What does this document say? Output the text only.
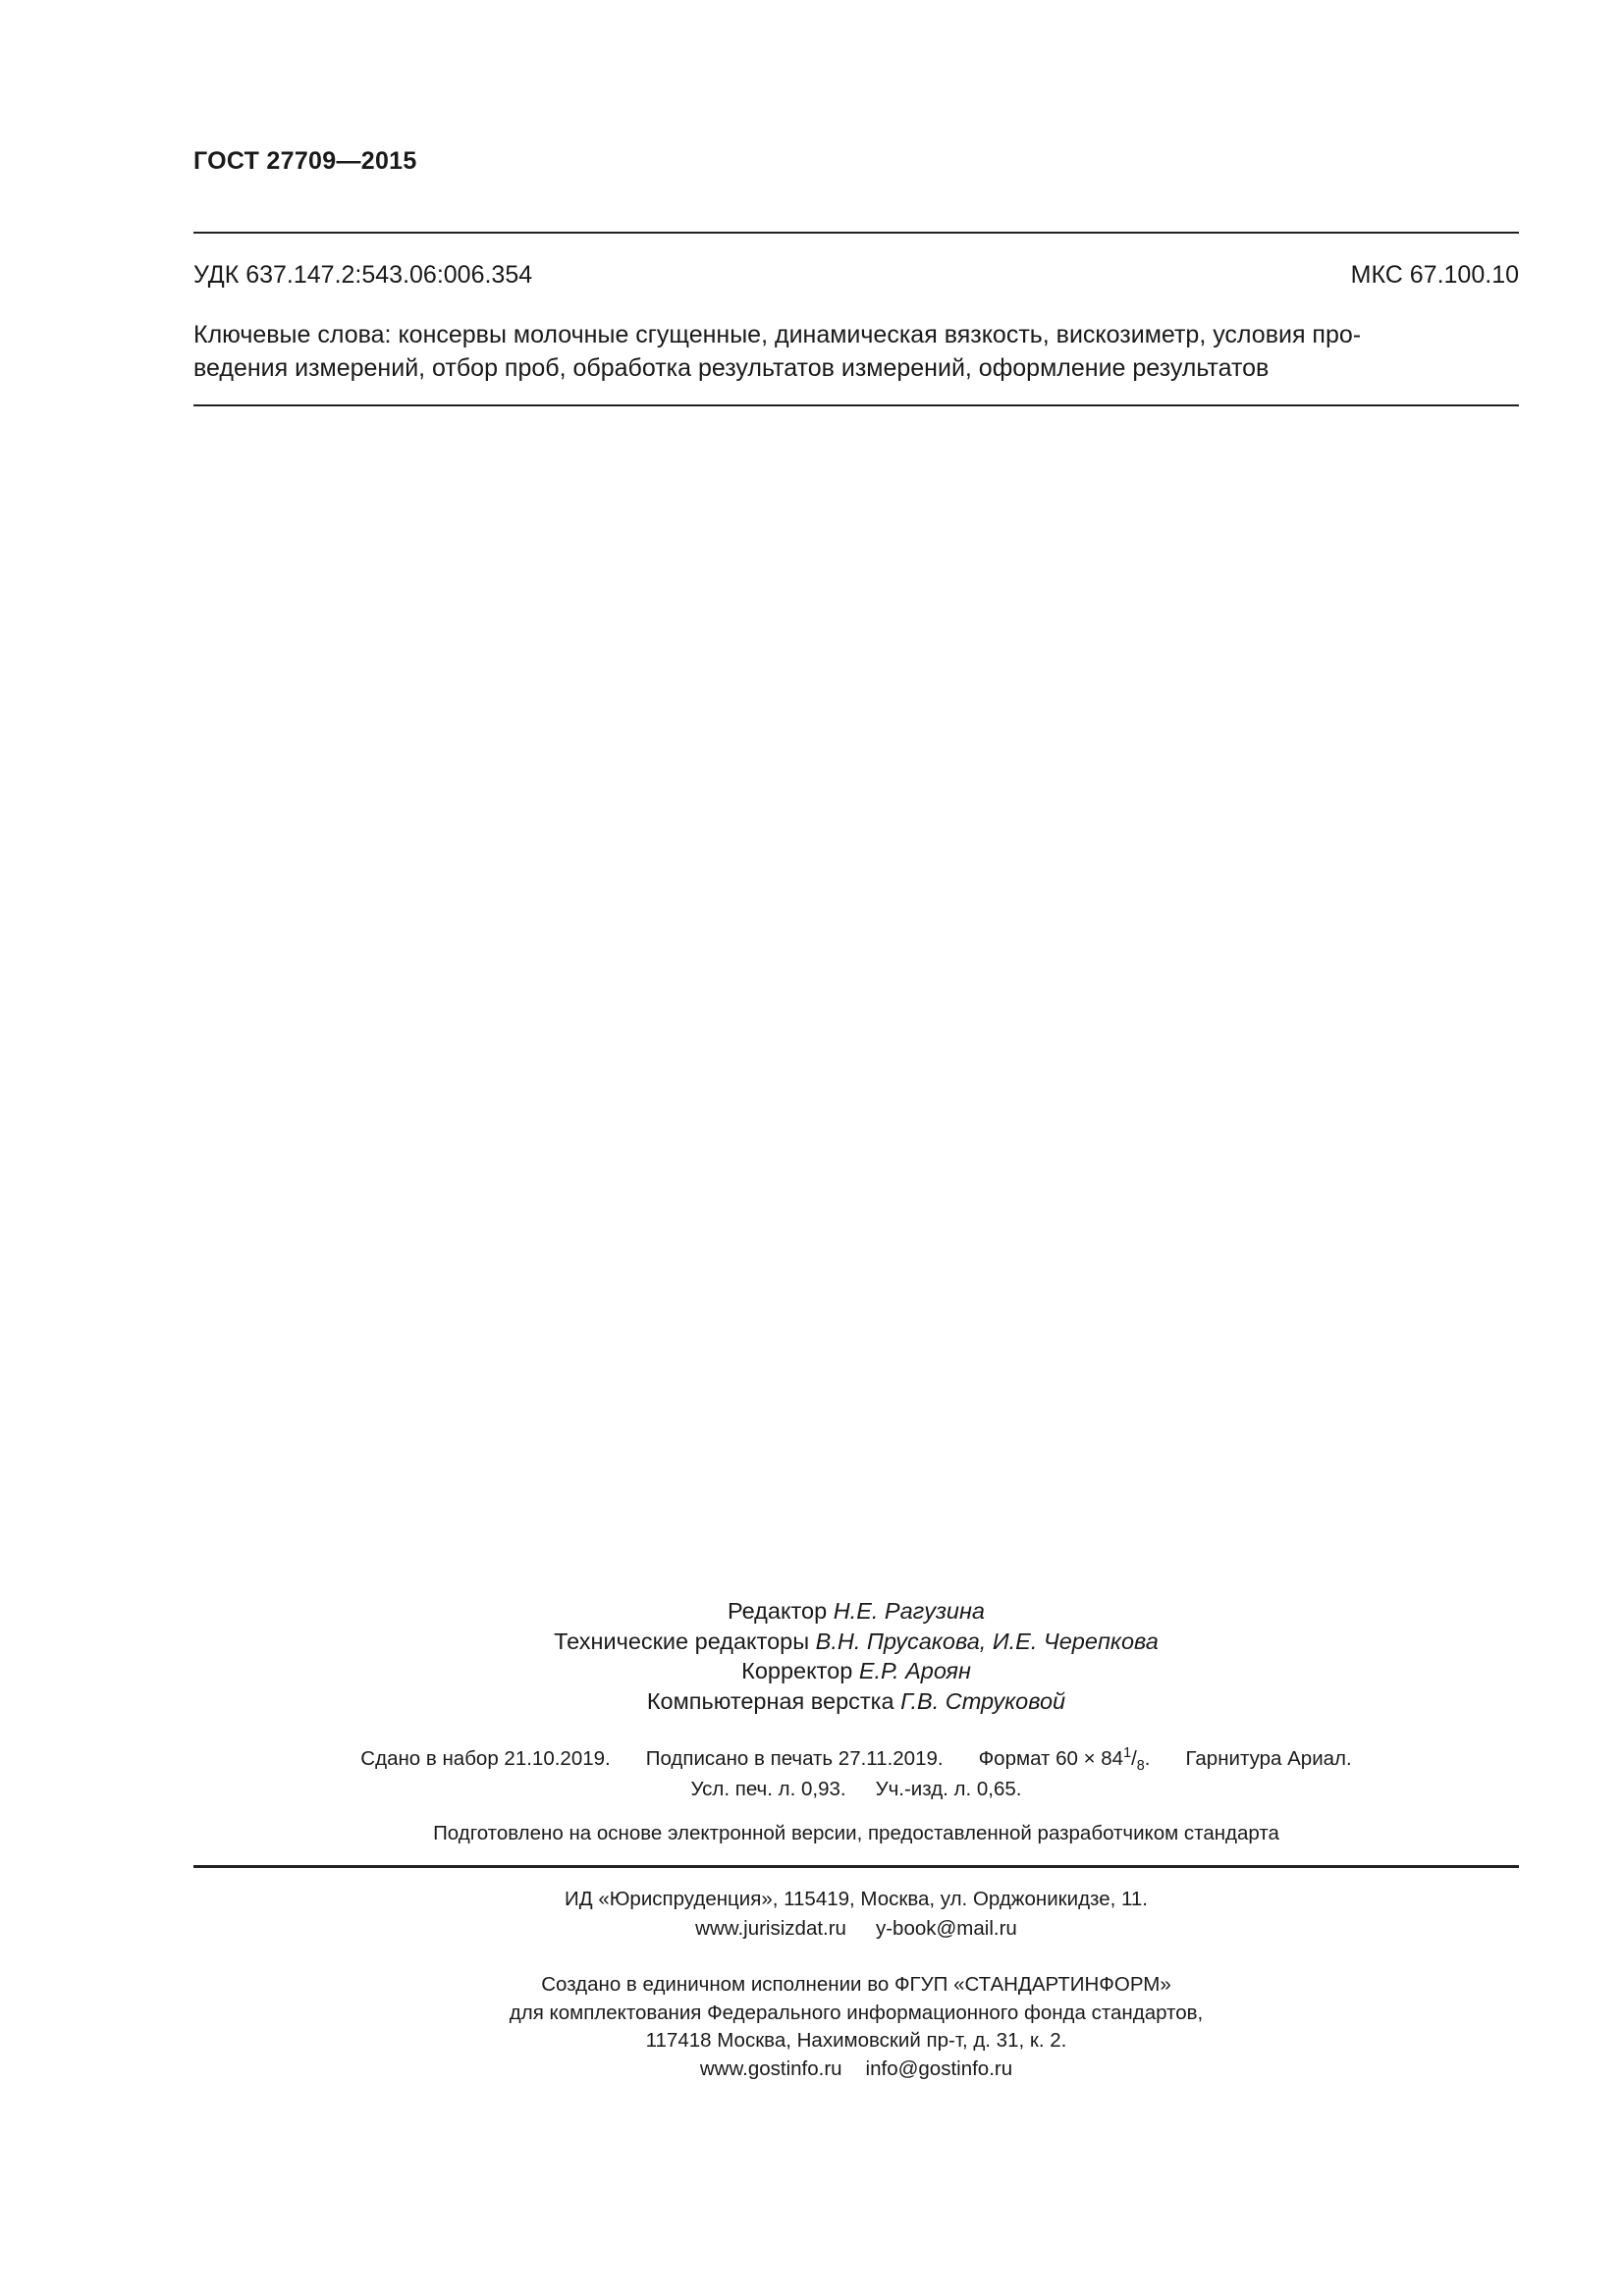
ГОСТ 27709—2015
УДК 637.147.2:543.06:006.354	МКС 67.100.10
Ключевые слова: консервы молочные сгущенные, динамическая вязкость, вискозиметр, условия про-
ведения измерений, отбор проб, обработка результатов измерений, оформление результатов
Редактор Н.Е. Рагузина
Технические редакторы В.Н. Прусакова, И.Е. Черепкова
Корректор Е.Р. Ароян
Компьютерная верстка Г.В. Струковой
Сдано в набор 21.10.2019. Подписано в печать 27.11.2019. Формат $60 \times 84^1/_8$. Гарнитура Ариал.
Усл. печ. л. 0,93. Уч.-изд. л. 0,65.
Подготовлено на основе электронной версии, предоставленной разработчиком стандарта
ИД «Юриспруденция», 115419, Москва, ул. Орджоникидзе, 11.
www.jurisizdat.ru y-book@mail.ru
Создано в единичном исполнении во ФГУП «СТАНДАРТИНФОРМ»
для комплектования Федерального информационного фонда стандартов,
117418 Москва, Нахимовский пр-т, д. 31, к. 2.
www.gostinfo.ru info@gostinfo.ru
